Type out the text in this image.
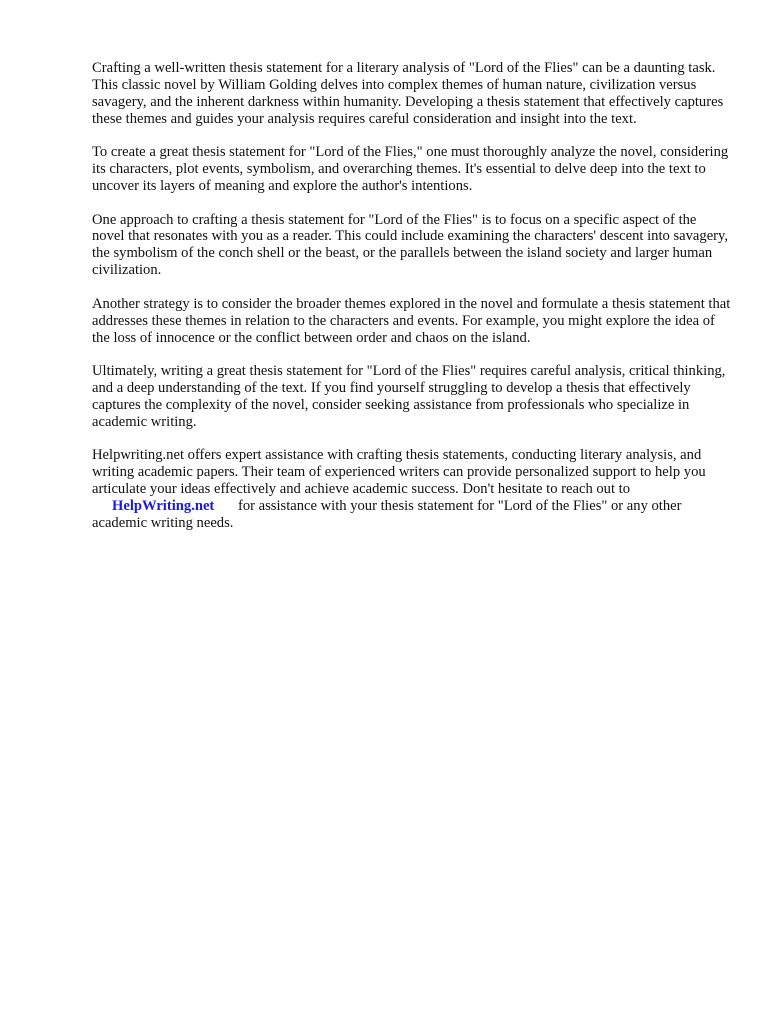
Crafting a well-written thesis statement for a literary analysis of "Lord of the Flies" can be a daunting task. This classic novel by William Golding delves into complex themes of human nature, civilization versus savagery, and the inherent darkness within humanity. Developing a thesis statement that effectively captures these themes and guides your analysis requires careful consideration and insight into the text.

To create a great thesis statement for "Lord of the Flies," one must thoroughly analyze the novel, considering its characters, plot events, symbolism, and overarching themes. It's essential to delve deep into the text to uncover its layers of meaning and explore the author's intentions.

One approach to crafting a thesis statement for "Lord of the Flies" is to focus on a specific aspect of the novel that resonates with you as a reader. This could include examining the characters' descent into savagery, the symbolism of the conch shell or the beast, or the parallels between the island society and larger human civilization.

Another strategy is to consider the broader themes explored in the novel and formulate a thesis statement that addresses these themes in relation to the characters and events. For example, you might explore the idea of the loss of innocence or the conflict between order and chaos on the island.

Ultimately, writing a great thesis statement for "Lord of the Flies" requires careful analysis, critical thinking, and a deep understanding of the text. If you find yourself struggling to develop a thesis that effectively captures the complexity of the novel, consider seeking assistance from professionals who specialize in academic writing.

Helpwriting.net offers expert assistance with crafting thesis statements, conducting literary analysis, and writing academic papers. Their team of experienced writers can provide personalized support to help you articulate your ideas effectively and achieve academic success. Don't hesitate to reach out to HelpWriting.net for assistance with your thesis statement for "Lord of the Flies" or any other academic writing needs.
